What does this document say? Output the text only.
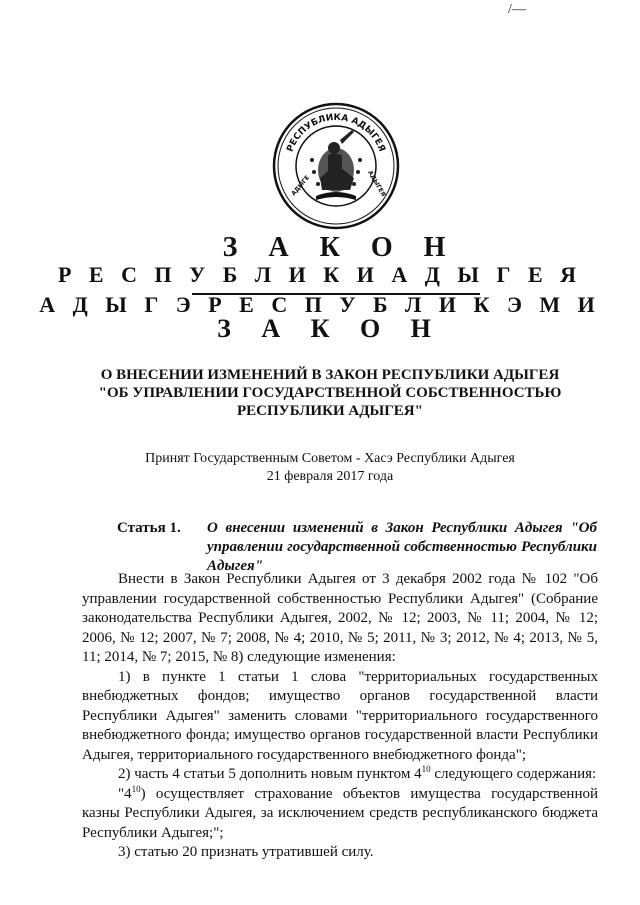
/—
РЕСПУБЛИКА АДЫГЕЯ
АДЫГЕ	АДЫГЕЯ
З А К О Н
Р Е С П У Б Л И К И А Д Ы Г Е Я
А Д Ы Г Э Р Е С П У Б Л И К Э М И
З А К О Н
О ВНЕСЕНИИ ИЗМЕНЕНИЙ В ЗАКОН РЕСПУБЛИКИ АДЫГЕЯ
"ОБ УПРАВЛЕНИИ ГОСУДАРСТВЕННОЙ СОБСТВЕННОСТЬЮ
РЕСПУБЛИКИ АДЫГЕЯ"
Принят Государственным Советом - Хасэ Республики Адыгея
21 февраля 2017 года
Статья 1. О внесении изменений в Закон Республики Адыгея "Об управлении государственной собственностью Республики Адыгея"

Внести в Закон Республики Адыгея от 3 декабря 2002 года № 102 "Об управлении государственной собственностью Республики Адыгея" (Собрание законодательства Республики Адыгея, 2002, № 12; 2003, № 11; 2004, № 12; 2006, № 12; 2007, № 7; 2008, № 4; 2010, № 5; 2011, № 3; 2012, № 4; 2013, № 5, 11; 2014, № 7; 2015, № 8) следующие изменения:

1) в пункте 1 статьи 1 слова "территориальных государственных внебюджетных фондов; имущество органов государственной власти Республики Адыгея" заменить словами "территориального государственного внебюджетного фонда; имущество органов государственной власти Республики Адыгея, территориального государственного внебюджетного фонда";

2) часть 4 статьи 5 дополнить новым пунктом $4^{10}$ следующего содержания:

"$4^{10}$) осуществляет страхование объектов имущества государственной казны Республики Адыгея, за исключением средств республиканского бюджета Республики Адыгея;";

3) статью 20 признать утратившей силу.
